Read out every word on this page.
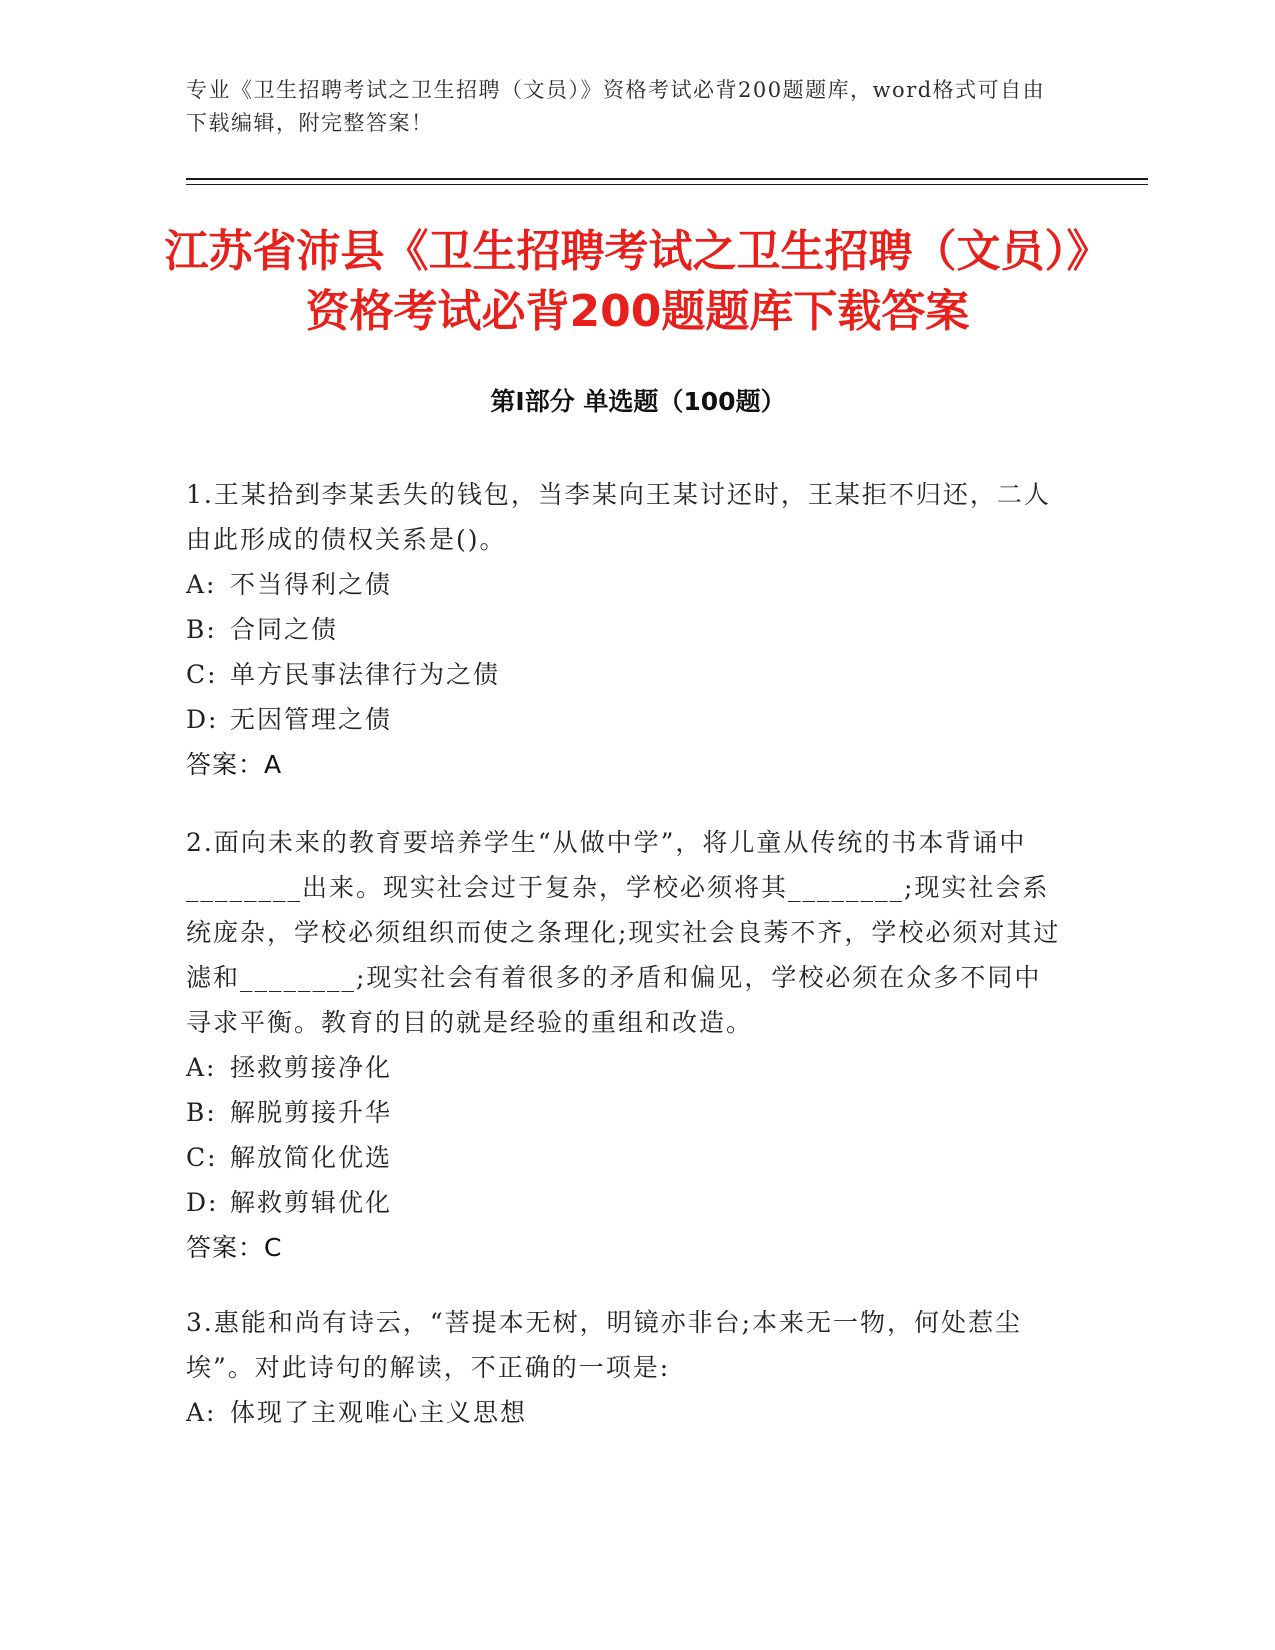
专业《卫生招聘考试之卫生招聘（文员）》资格考试必背200题题库，word格式可自由下载编辑，附完整答案！
江苏省沛县《卫生招聘考试之卫生招聘（文员）》资格考试必背200题题库下载答案
第Ⅰ部分 单选题（100题）

1.王某拾到李某丢失的钱包，当李某向王某讨还时，王某拒不归还，二人由此形成的债权关系是()。

A: 不当得利之债

B: 合同之债

C: 单方民事法律行为之债

D: 无因管理之债

答案：A

2.面向未来的教育要培养学生“从做中学”，将儿童从传统的书本背诵中________出来。现实社会过于复杂，学校必须将其________;现实社会系统庞杂，学校必须组织而使之条理化;现实社会良莠不齐，学校必须对其过滤和________;现实社会有着很多的矛盾和偏见，学校必须在众多不同中寻求平衡。教育的目的就是经验的重组和改造。

A: 拯救剪接净化

B: 解脱剪接升华

C: 解放简化优选

D: 解救剪辑优化

答案：C

3.惠能和尚有诗云，“菩提本无树，明镜亦非台;本来无一物，何处惹尘埃”。对此诗句的解读，不正确的一项是:

A: 体现了主观唯心主义思想
